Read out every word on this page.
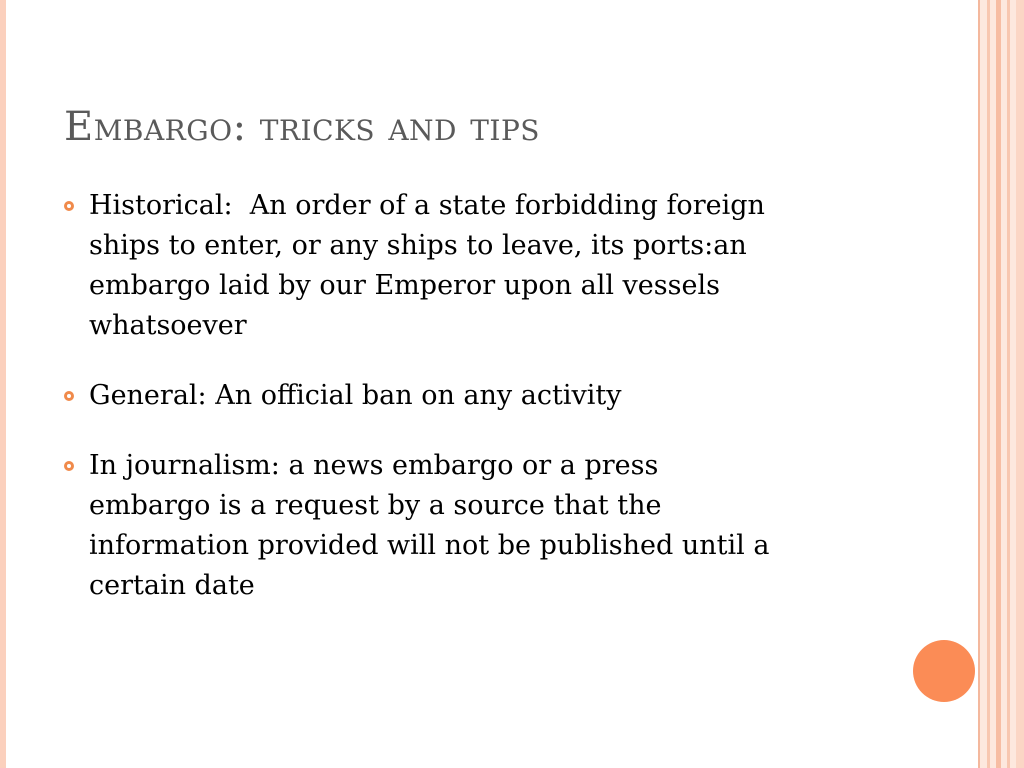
Embargo: tricks and tips
Historical:  An order of a state forbidding foreign
ships to enter, or any ships to leave, its ports:an
embargo laid by our Emperor upon all vessels
whatsoever
General: An official ban on any activity
In journalism: a news embargo or a press
embargo is a request by a source that the
information provided will not be published until a
certain date
